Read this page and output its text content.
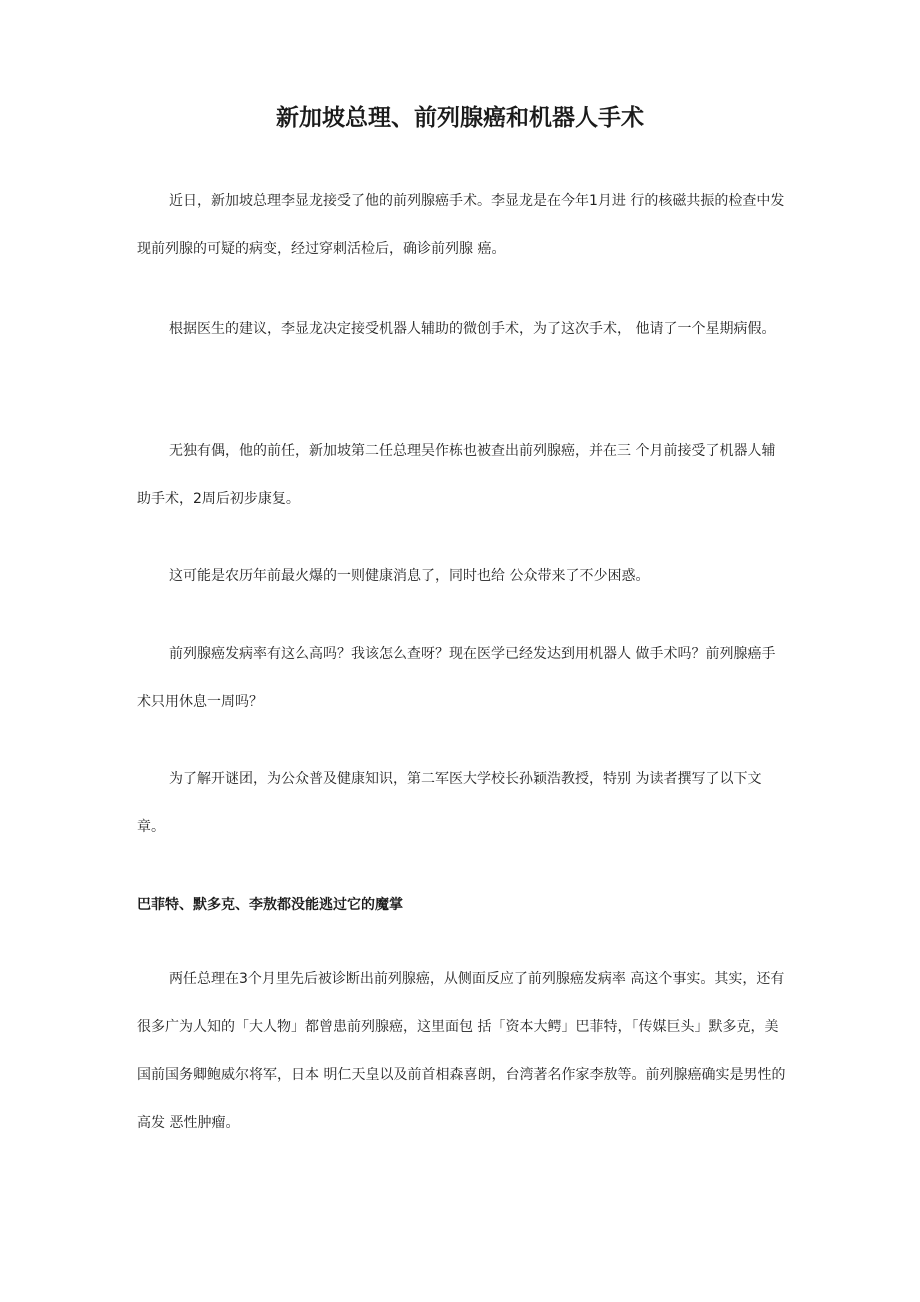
新加坡总理、前列腺癌和机器人手术

近日，新加坡总理李显龙接受了他的前列腺癌手术。李显龙是在今年1月进 行的核磁共振的检查中发现前列腺的可疑的病变，经过穿刺活检后，确诊前列腺 癌。

根据医生的建议，李显龙决定接受机器人辅助的微创手术，为了这次手术， 他请了一个星期病假。

无独有偶，他的前任，新加坡第二任总理吴作栋也被查出前列腺癌，并在三 个月前接受了机器人辅助手术，2周后初步康复。

这可能是农历年前最火爆的一则健康消息了，同时也给 公众带来了不少困惑。

前列腺癌发病率有这么高吗？我该怎么查呀？现在医学已经发达到用机器人 做手术吗？前列腺癌手术只用休息一周吗？

为了解开谜团，为公众普及健康知识，第二军医大学校长孙颖浩教授，特别 为读者撰写了以下文章。

巴菲特、默多克、李敖都没能逃过它的魔掌

两任总理在3个月里先后被诊断出前列腺癌，从侧面反应了前列腺癌发病率 高这个事实。其实，还有很多广为人知的「大人物」都曾患前列腺癌，这里面包 括「资本大鳄」巴菲特，「传媒巨头」默多克，美国前国务卿鲍威尔将军，日本 明仁天皇以及前首相森喜朗，台湾著名作家李敖等。前列腺癌确实是男性的高发 恶性肿瘤。
